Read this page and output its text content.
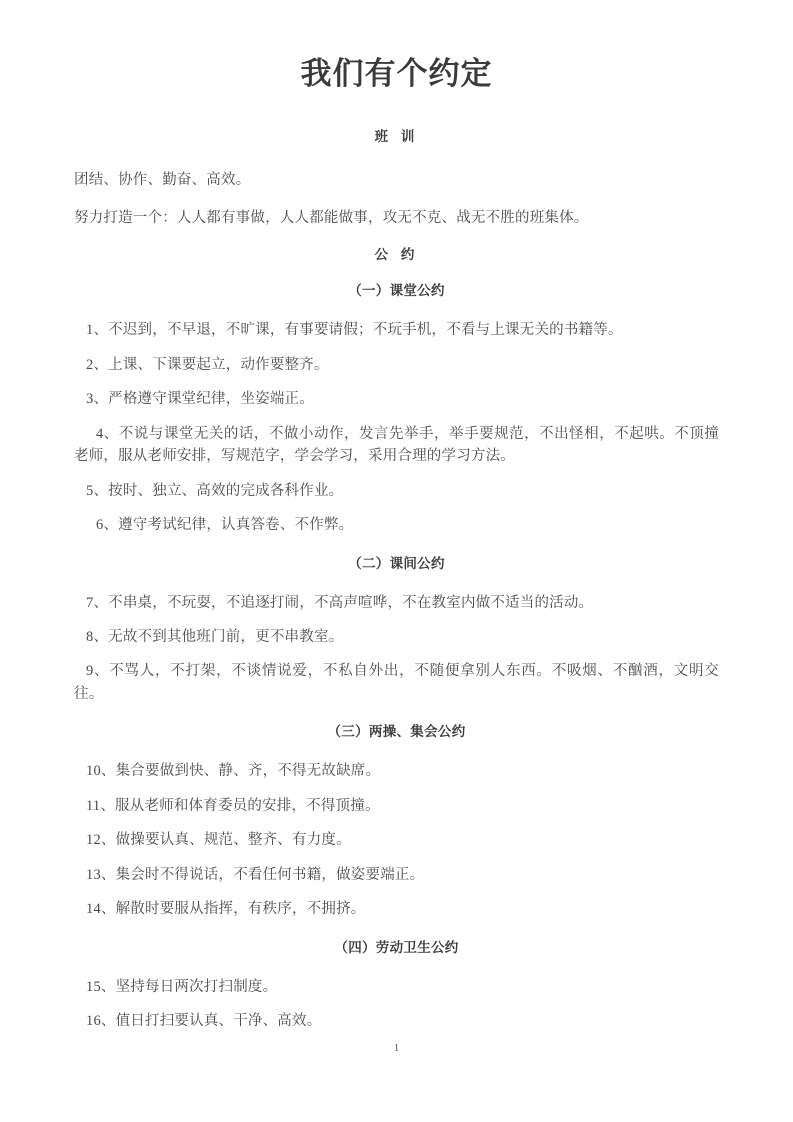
我们有个约定
班 训

团结、协作、勤奋、高效。

努力打造一个：人人都有事做，人人都能做事，攻无不克、战无不胜的班集体。

公 约
（一）课堂公约

1、不迟到，不早退，不旷课，有事要请假；不玩手机，不看与上课无关的书籍等。

2、上课、下课要起立，动作要整齐。

3、严格遵守课堂纪律，坐姿端正。

4、不说与课堂无关的话，不做小动作，发言先举手，举手要规范，不出怪相，不起哄。不顶撞老师，服从老师安排，写规范字，学会学习，采用合理的学习方法。

5、按时、独立、高效的完成各科作业。

6、遵守考试纪律，认真答卷、不作弊。

（二）课间公约

7、不串桌，不玩耍，不追逐打闹，不高声喧哗，不在教室内做不适当的活动。

8、无故不到其他班门前，更不串教室。

9、不骂人，不打架，不谈情说爱，不私自外出，不随便拿别人东西。不吸烟、不酗酒，文明交往。

（三）两操、集会公约

10、集合要做到快、静、齐，不得无故缺席。

11、服从老师和体育委员的安排，不得顶撞。

12、做操要认真、规范、整齐、有力度。

13、集会时不得说话，不看任何书籍，做姿要端正。

14、解散时要服从指挥，有秩序，不拥挤。

（四）劳动卫生公约

15、坚持每日两次打扫制度。

16、值日打扫要认真、干净、高效。

1
